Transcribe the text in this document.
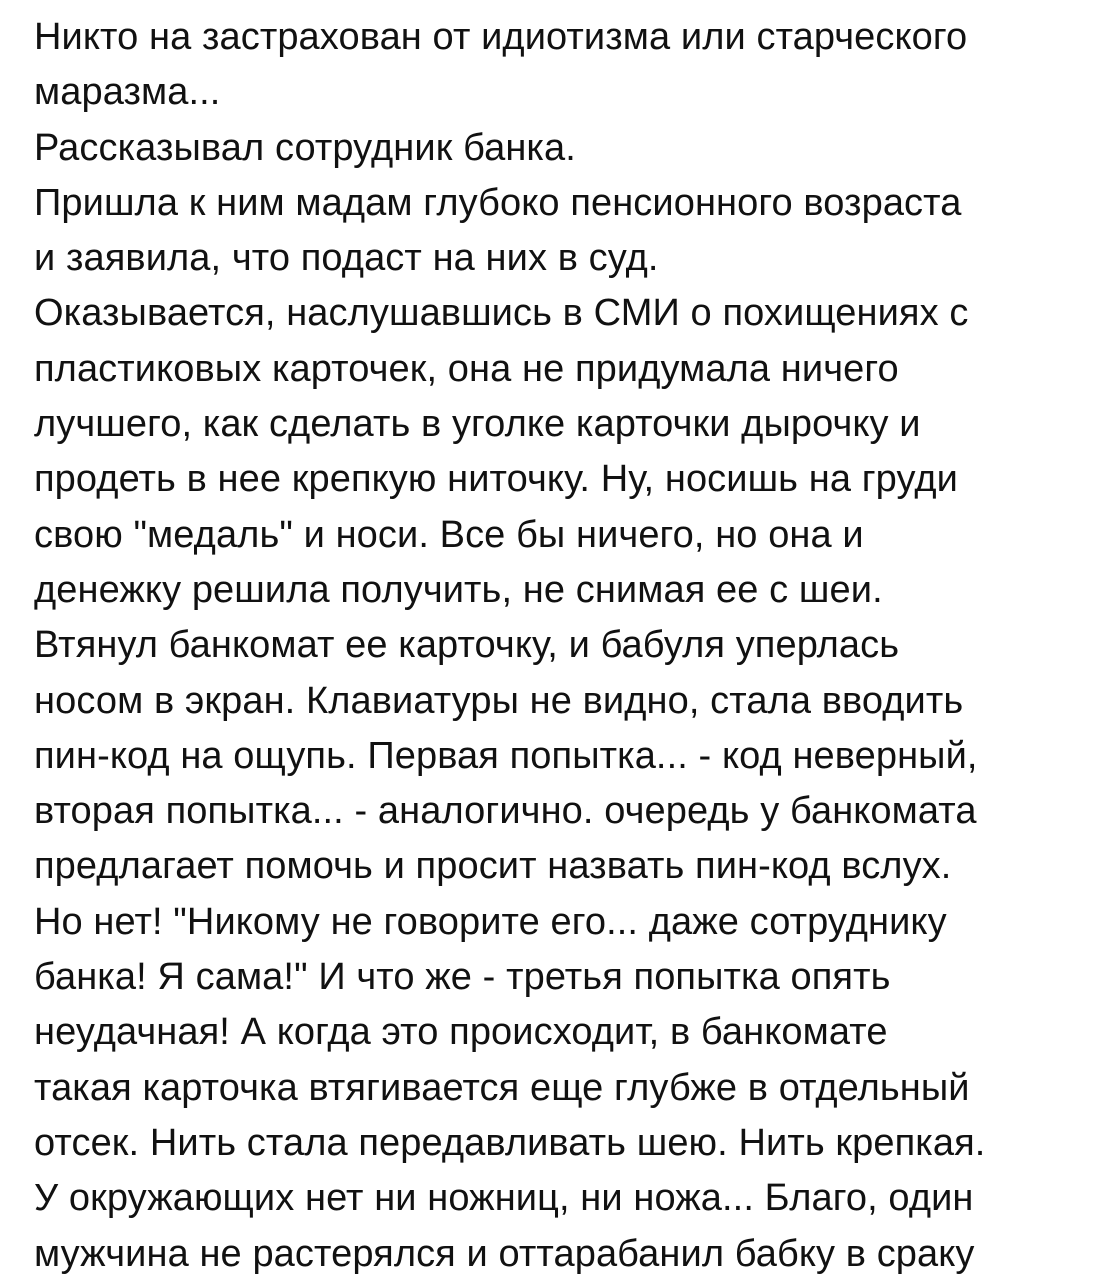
Никто на застрахован от идиотизма или старческого
маразма...
Рассказывал сотрудник банка.
Пришла к ним мадам глубоко пенсионного возраста
и заявила, что подаст на них в суд.
Оказывается, наслушавшись в СМИ о похищениях с
пластиковых карточек, она не придумала ничего
лучшего, как сделать в уголке карточки дырочку и
продеть в нее крепкую ниточку. Ну, носишь на груди
свою "медаль" и носи. Все бы ничего, но она и
денежку решила получить, не снимая ее с шеи.
Втянул банкомат ее карточку, и бабуля уперлась
носом в экран. Клавиатуры не видно, стала вводить
пин-код на ощупь. Первая попытка... - код неверный,
вторая попытка... - аналогично. очередь у банкомата
предлагает помочь и просит назвать пин-код вслух.
Но нет! "Никому не говорите его... даже сотруднику
банка! Я сама!" И что же - третья попытка опять
неудачная! А когда это происходит, в банкомате
такая карточка втягивается еще глубже в отдельный
отсек. Нить стала передавливать шею. Нить крепкая.
У окружающих нет ни ножниц, ни ножа... Благо, один
мужчина не растерялся и оттарабанил бабку в сраку
